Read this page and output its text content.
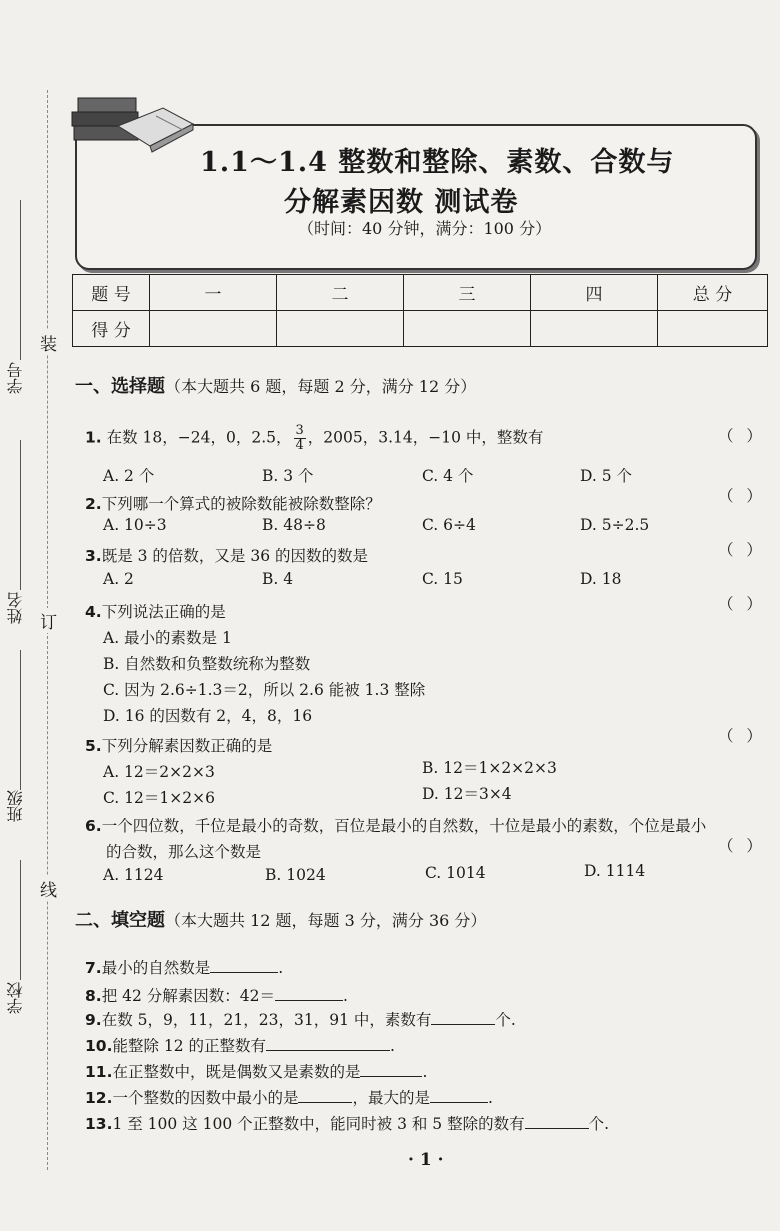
学号
姓名
班级
学校
装
订
线
1.1～1.4 整数和整除、素数、合数与
分解素因数 测试卷
（时间：40 分钟，满分：100 分）
题 号	一	二	三	四	总 分
得 分					
一、选择题（本大题共 6 题，每题 2 分，满分 12 分）
1. 在数 18，−24，0，2.5， $\frac{3}{4}$ ，2005，3.14，−10 中，整数有	（ ）
A. 2 个	B. 3 个	C. 4 个	D. 5 个
2.下列哪一个算式的被除数能被除数整除？	（ ）
A. 10÷3	B. 48÷8	C. 6÷4	D. 5÷2.5
3.既是 3 的倍数，又是 36 的因数的数是	（ ）
A. 2	B. 4	C. 15	D. 18
4.下列说法正确的是	（ ）
A. 最小的素数是 1
B. 自然数和负整数统称为整数
C. 因为 2.6÷1.3＝2，所以 2.6 能被 1.3 整除
D. 16 的因数有 2，4，8，16
5.下列分解素因数正确的是
（ ）
A. 12＝2×2×3	B. 12＝1×2×2×3
C. 12＝1×2×6	D. 12＝3×4
6.一个四位数，千位是最小的奇数，百位是最小的自然数，十位是最小的素数，个位是最小
的合数，那么这个数是	（ ）
A. 1124	B. 1024	C. 1014	D. 1114
二、填空题（本大题共 12 题，每题 3 分，满分 36 分）
7.最小的自然数是	.
8.把 42 分解素因数：42＝	.
9.在数 5，9，11，21，23，31，91 中，素数有	个.
10.能整除 12 的正整数有	.
11.在正整数中，既是偶数又是素数的是	.
12.一个整数的因数中最小的是	，最大的是	.
13.1 至 100 这 100 个正整数中，能同时被 3 和 5 整除的数有	个.
· 1 ·
